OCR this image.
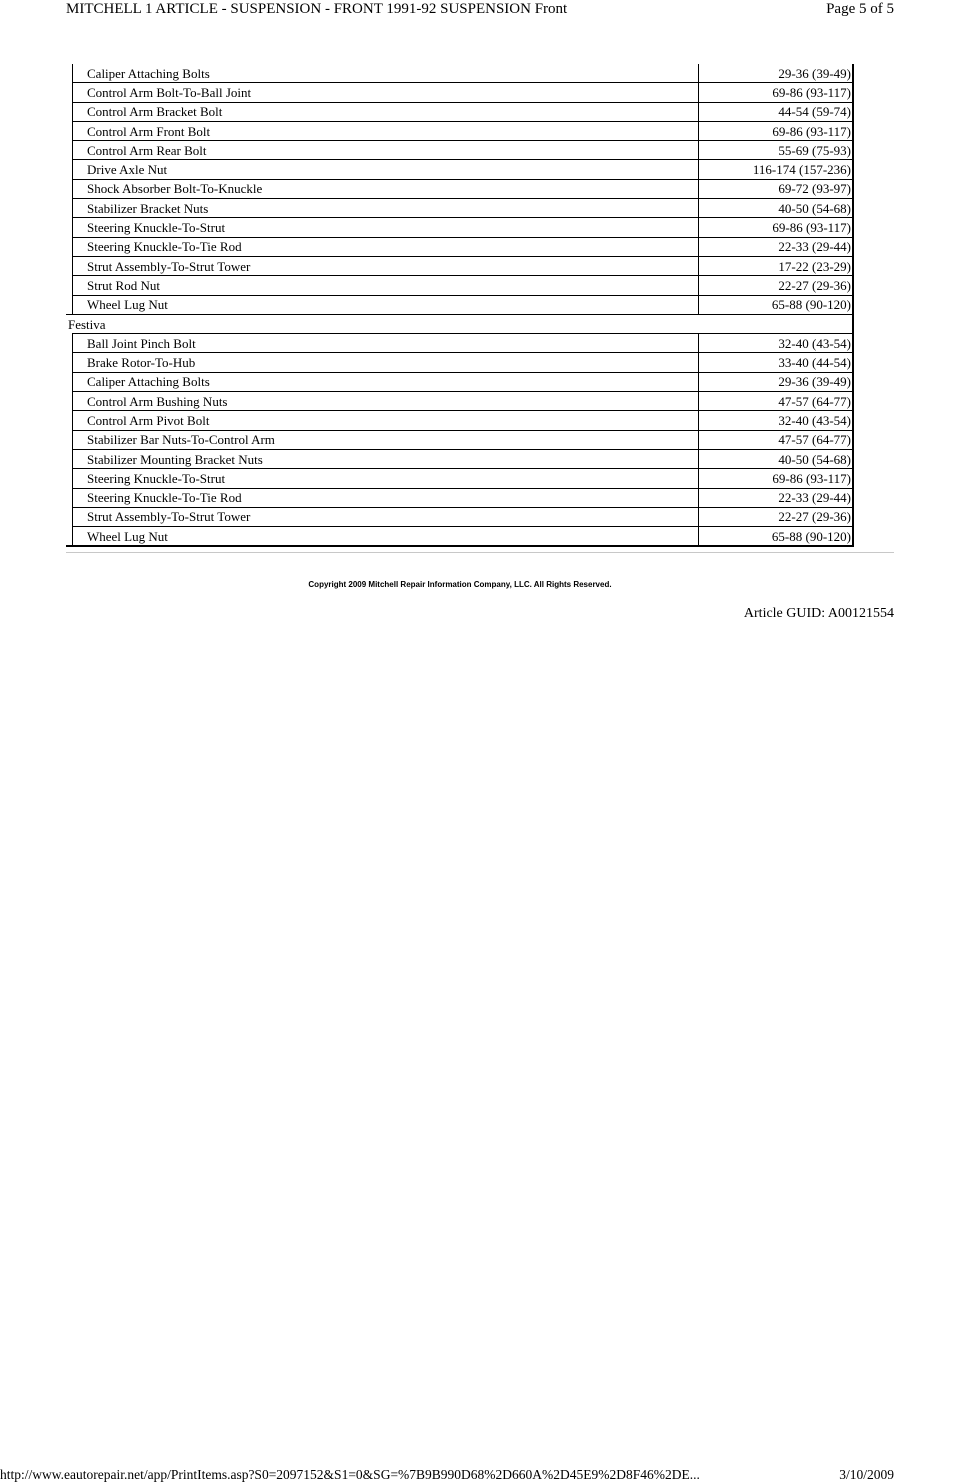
MITCHELL 1 ARTICLE - SUSPENSION - FRONT 1991-92 SUSPENSION Front	Page 5 of 5
	Caliper Attaching Bolts	29-36 (39-49)
	Control Arm Bolt-To-Ball Joint	69-86 (93-117)
	Control Arm Bracket Bolt	44-54 (59-74)
	Control Arm Front Bolt	69-86 (93-117)
	Control Arm Rear Bolt	55-69 (75-93)
	Drive Axle Nut	116-174 (157-236)
	Shock Absorber Bolt-To-Knuckle	69-72 (93-97)
	Stabilizer Bracket Nuts	40-50 (54-68)
	Steering Knuckle-To-Strut	69-86 (93-117)
	Steering Knuckle-To-Tie Rod	22-33 (29-44)
	Strut Assembly-To-Strut Tower	17-22 (23-29)
	Strut Rod Nut	22-27 (29-36)
	Wheel Lug Nut	65-88 (90-120)
Festiva		
	Ball Joint Pinch Bolt	32-40 (43-54)
	Brake Rotor-To-Hub	33-40 (44-54)
	Caliper Attaching Bolts	29-36 (39-49)
	Control Arm Bushing Nuts	47-57 (64-77)
	Control Arm Pivot Bolt	32-40 (43-54)
	Stabilizer Bar Nuts-To-Control Arm	47-57 (64-77)
	Stabilizer Mounting Bracket Nuts	40-50 (54-68)
	Steering Knuckle-To-Strut	69-86 (93-117)
	Steering Knuckle-To-Tie Rod	22-33 (29-44)
	Strut Assembly-To-Strut Tower	22-27 (29-36)
	Wheel Lug Nut	65-88 (90-120)
Copyright 2009 Mitchell Repair Information Company, LLC. All Rights Reserved.
Article GUID: A00121554
http://www.eautorepair.net/app/PrintItems.asp?S0=2097152&S1=0&SG=%7B9B990D68%2D660A%2D45E9%2D8F46%2DE...	3/10/2009
